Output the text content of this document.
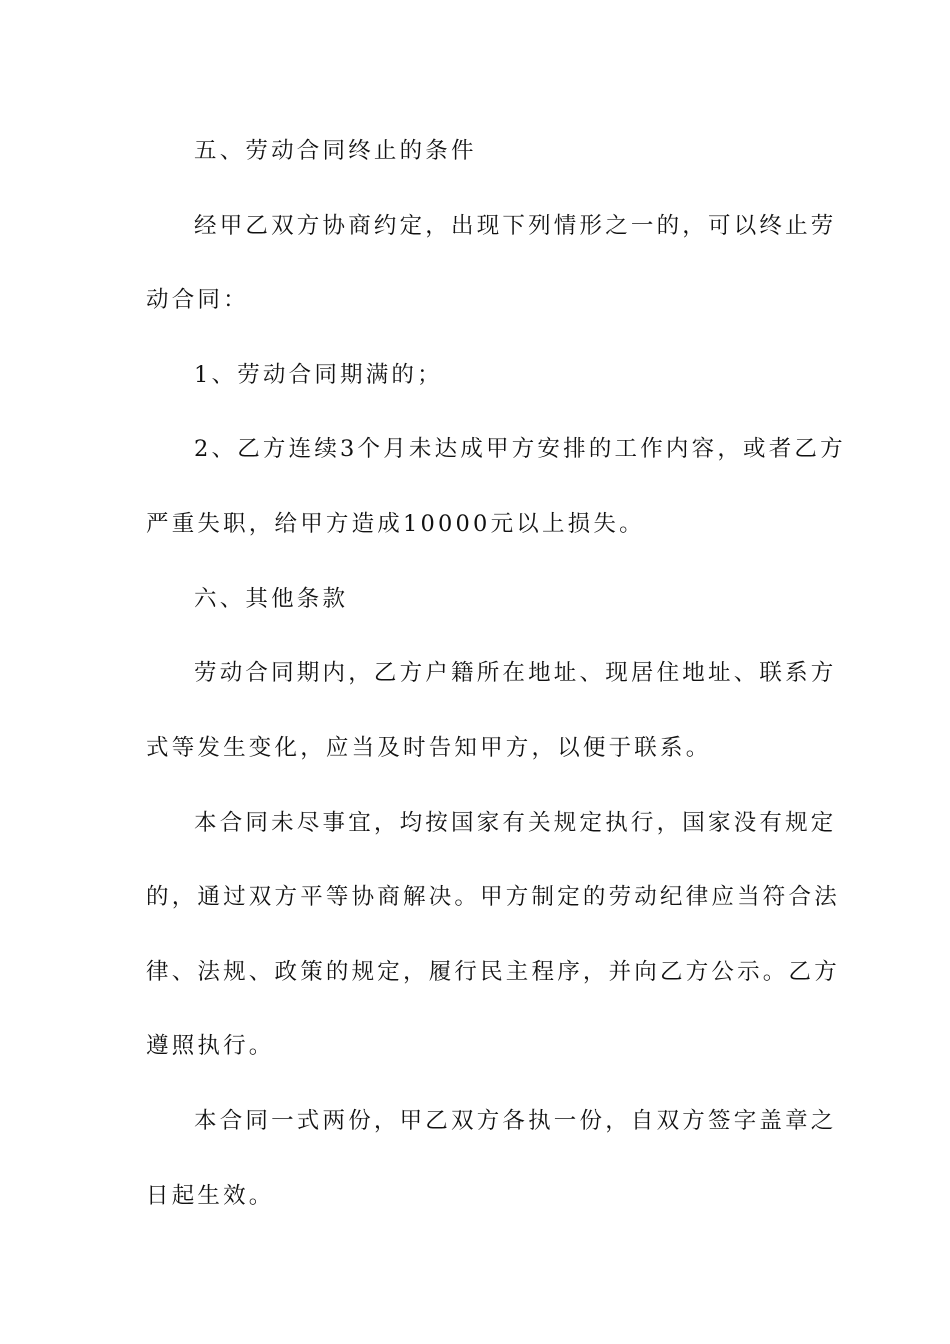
五、劳动合同终止的条件
经甲乙双方协商约定，出现下列情形之一的，可以终止劳
动合同：
1、劳动合同期满的；
2、乙方连续3个月未达成甲方安排的工作内容，或者乙方
严重失职，给甲方造成10000元以上损失。
六、其他条款
劳动合同期内，乙方户籍所在地址、现居住地址、联系方
式等发生变化，应当及时告知甲方，以便于联系。
本合同未尽事宜，均按国家有关规定执行，国家没有规定
的，通过双方平等协商解决。甲方制定的劳动纪律应当符合法
律、法规、政策的规定，履行民主程序，并向乙方公示。乙方
遵照执行。
本合同一式两份，甲乙双方各执一份，自双方签字盖章之
日起生效。
